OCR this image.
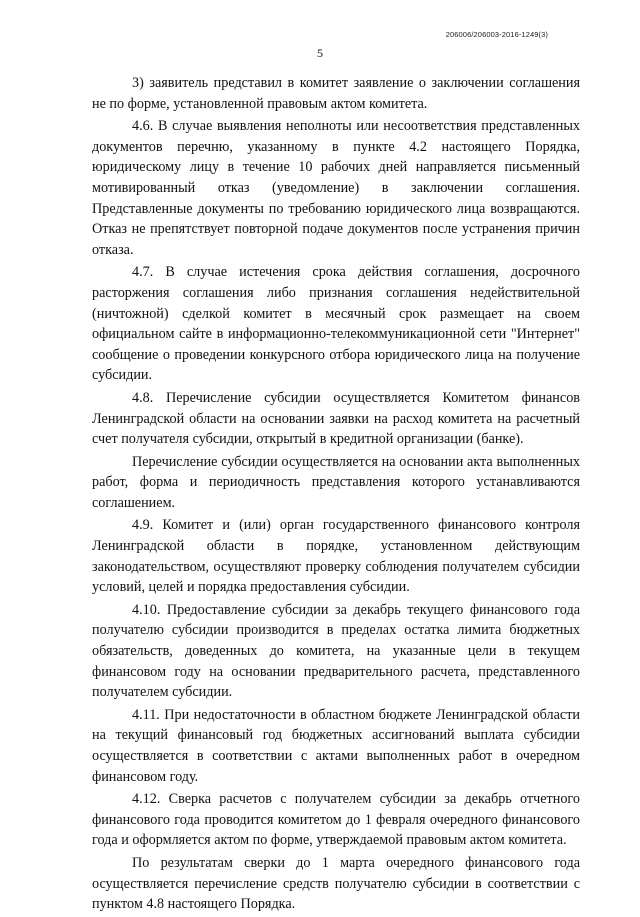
206006/206003-2016-1249(3)
5

3) заявитель представил в комитет заявление о заключении соглашения не по форме, установленной правовым актом комитета.

4.6. В случае выявления неполноты или несоответствия представленных документов перечню, указанному в пункте 4.2 настоящего Порядка, юридическому лицу в течение 10 рабочих дней направляется письменный мотивированный отказ (уведомление) в заключении соглашения. Представленные документы по требованию юридического лица возвращаются. Отказ не препятствует повторной подаче документов после устранения причин отказа.

4.7. В случае истечения срока действия соглашения, досрочного расторжения соглашения либо признания соглашения недействительной (ничтожной) сделкой комитет в месячный срок размещает на своем официальном сайте в информационно-телекоммуникационной сети "Интернет" сообщение о проведении конкурсного отбора юридического лица на получение субсидии.

4.8. Перечисление субсидии осуществляется Комитетом финансов Ленинградской области на основании заявки на расход комитета на расчетный счет получателя субсидии, открытый в кредитной организации (банке).

Перечисление субсидии осуществляется на основании акта выполненных работ, форма и периодичность представления которого устанавливаются соглашением.

4.9. Комитет и (или) орган государственного финансового контроля Ленинградской области в порядке, установленном действующим законодательством, осуществляют проверку соблюдения получателем субсидии условий, целей и порядка предоставления субсидии.

4.10. Предоставление субсидии за декабрь текущего финансового года получателю субсидии производится в пределах остатка лимита бюджетных обязательств, доведенных до комитета, на указанные цели в текущем финансовом году на основании предварительного расчета, представленного получателем субсидии.

4.11. При недостаточности в областном бюджете Ленинградской области на текущий финансовый год бюджетных ассигнований выплата субсидии осуществляется в соответствии с актами выполненных работ в очередном финансовом году.

4.12. Сверка расчетов с получателем субсидии за декабрь отчетного финансового года проводится комитетом до 1 февраля очередного финансового года и оформляется актом по форме, утверждаемой правовым актом комитета.

По результатам сверки до 1 марта очередного финансового года осуществляется перечисление средств получателю субсидии в соответствии с пунктом 4.8 настоящего Порядка.
